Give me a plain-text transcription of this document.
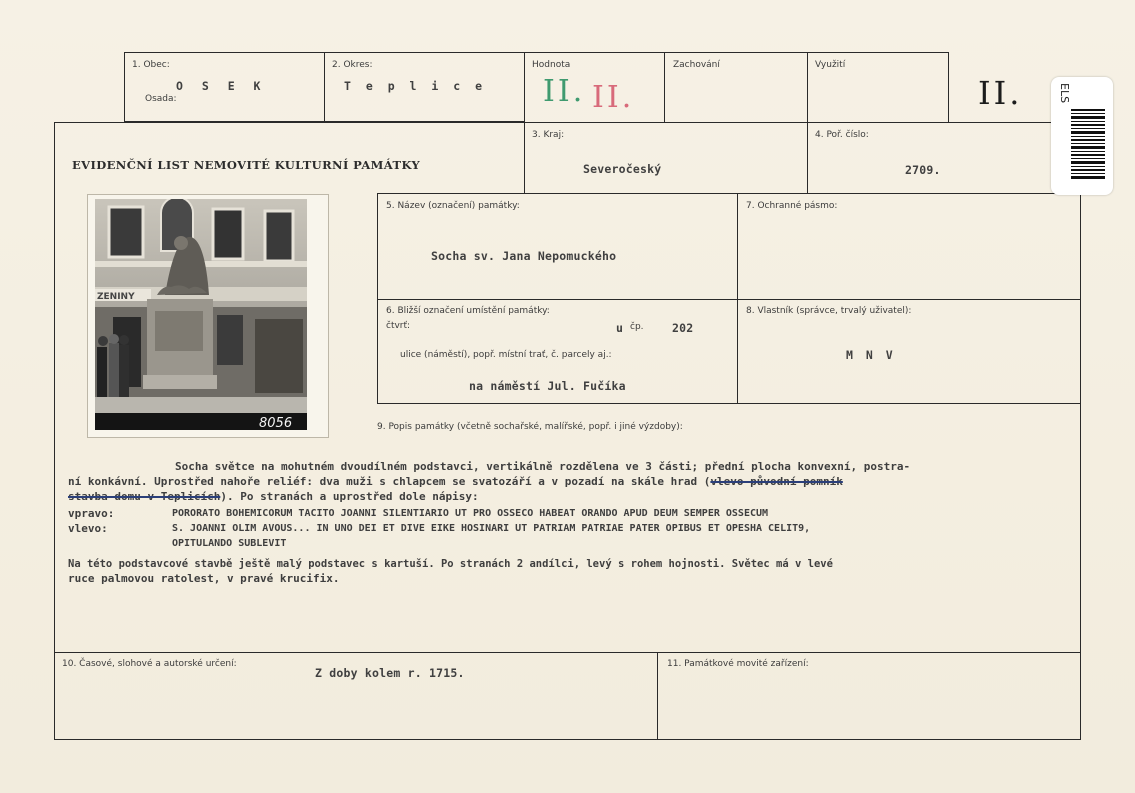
1. Obec:
Osada:
O S E K
2. Okres:
T e p l i c e
Hodnota
II. II.
Zachování	Využití
II.
EVIDENČNÍ LIST NEMOVITÉ KULTURNÍ PAMÁTKY
3. Kraj:
Severočeský
4. Poř. číslo:
2709.
5. Název (označení) památky:
Socha sv. Jana Nepomuckého
7. Ochranné pásmo:
6. Bližší označení umístění památky:
čtvrť:	u čp. 202
ulice (náměstí), popř. místní trať, č. parcely aj.:
na náměstí Jul. Fučíka
8. Vlastník (správce, trvalý uživatel):
M N V
9. Popis památky (včetně sochařské, malířské, popř. i jiné výzdoby):
Socha světce na mohutném dvoudílném podstavci, vertikálně rozdělena ve 3 části; přední plocha konvexní, postra-
ní konkávní. Uprostřed nahoře reliéf: dva muži s chlapcem se svatozáří a v pozadí na skále hrad (vlevo původní pomník
stavba domu v Teplicích). Po stranách a uprostřed dole nápisy:
vpravo:	PORORATO BOHEMICORUM TACITO JOANNI SILENTIARIO UT PRO OSSECO HABEAT ORANDO APUD DEUM SEMPER OSSECUM
vlevo:	S. JOANNI OLIM AVOUS... IN UNO DEI ET DIVE EIKE HOSINARI UT PATRIAM PATRIAE PATER OPIBUS ET OPESHA CELIT9,
OPITULANDO SUBLEVIT
Na této podstavcové stavbě ještě malý podstavec s kartuší. Po stranách 2 andílci, levý s rohem hojnosti. Světec má v levé
ruce palmovou ratolest, v pravé krucifix.
10. Časové, slohové a autorské určení:
Z doby kolem r. 1715.
11. Památkové movité zařízení:
ZENINY
8056
ELS
